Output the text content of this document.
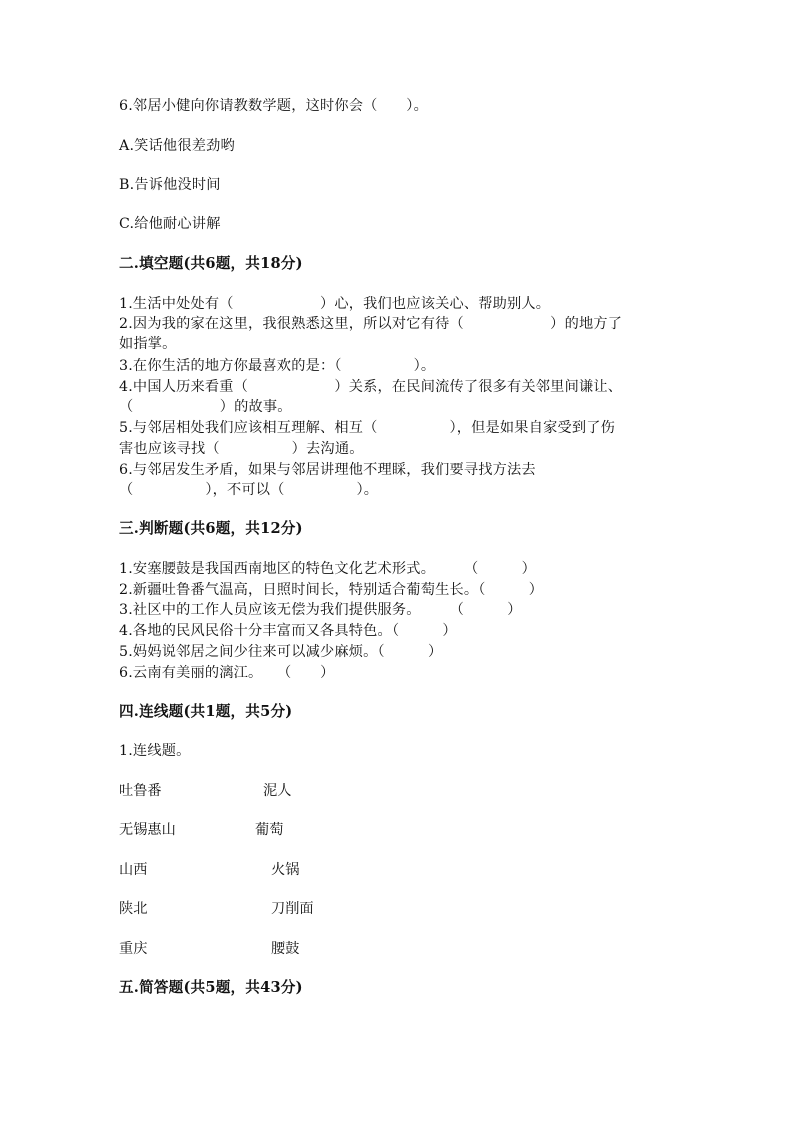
6.邻居小健向你请教数学题，这时你会（　　）。
A.笑话他很差劲哟
B.告诉他没时间
C.给他耐心讲解
二.填空题(共6题，共18分)
1.生活中处处有（　　　　　　）心，我们也应该关心、帮助别人。
2.因为我的家在这里，我很熟悉这里，所以对它有待（　　　　　　）的地方了
如指掌。
3.在你生活的地方你最喜欢的是：（　　　　　）。
4.中国人历来看重（　　　　　　）关系，在民间流传了很多有关邻里间谦让、
（　　　　　　）的故事。
5.与邻居相处我们应该相互理解、相互（　　　　　），但是如果自家受到了伤
害也应该寻找（　　　　　）去沟通。
6.与邻居发生矛盾，如果与邻居讲理他不理睬，我们要寻找方法去
（　　　　　），不可以（　　　　　）。
三.判断题(共6题，共12分)
1.安塞腰鼓是我国西南地区的特色文化艺术形式。　　　（　　　）
2.新疆吐鲁番气温高，日照时间长，特别适合葡萄生长。（　　　）
3.社区中的工作人员应该无偿为我们提供服务。　　　（　　　）
4.各地的民风民俗十分丰富而又各具特色。（　　　）
5.妈妈说邻居之间少往来可以减少麻烦。（　　　）
6.云南有美丽的漓江。　　（　　）
四.连线题(共1题，共5分)
1.连线题。
吐鲁番	泥人
无锡惠山	葡萄
山西	火锅
陕北	刀削面
重庆	腰鼓
五.简答题(共5题，共43分)
